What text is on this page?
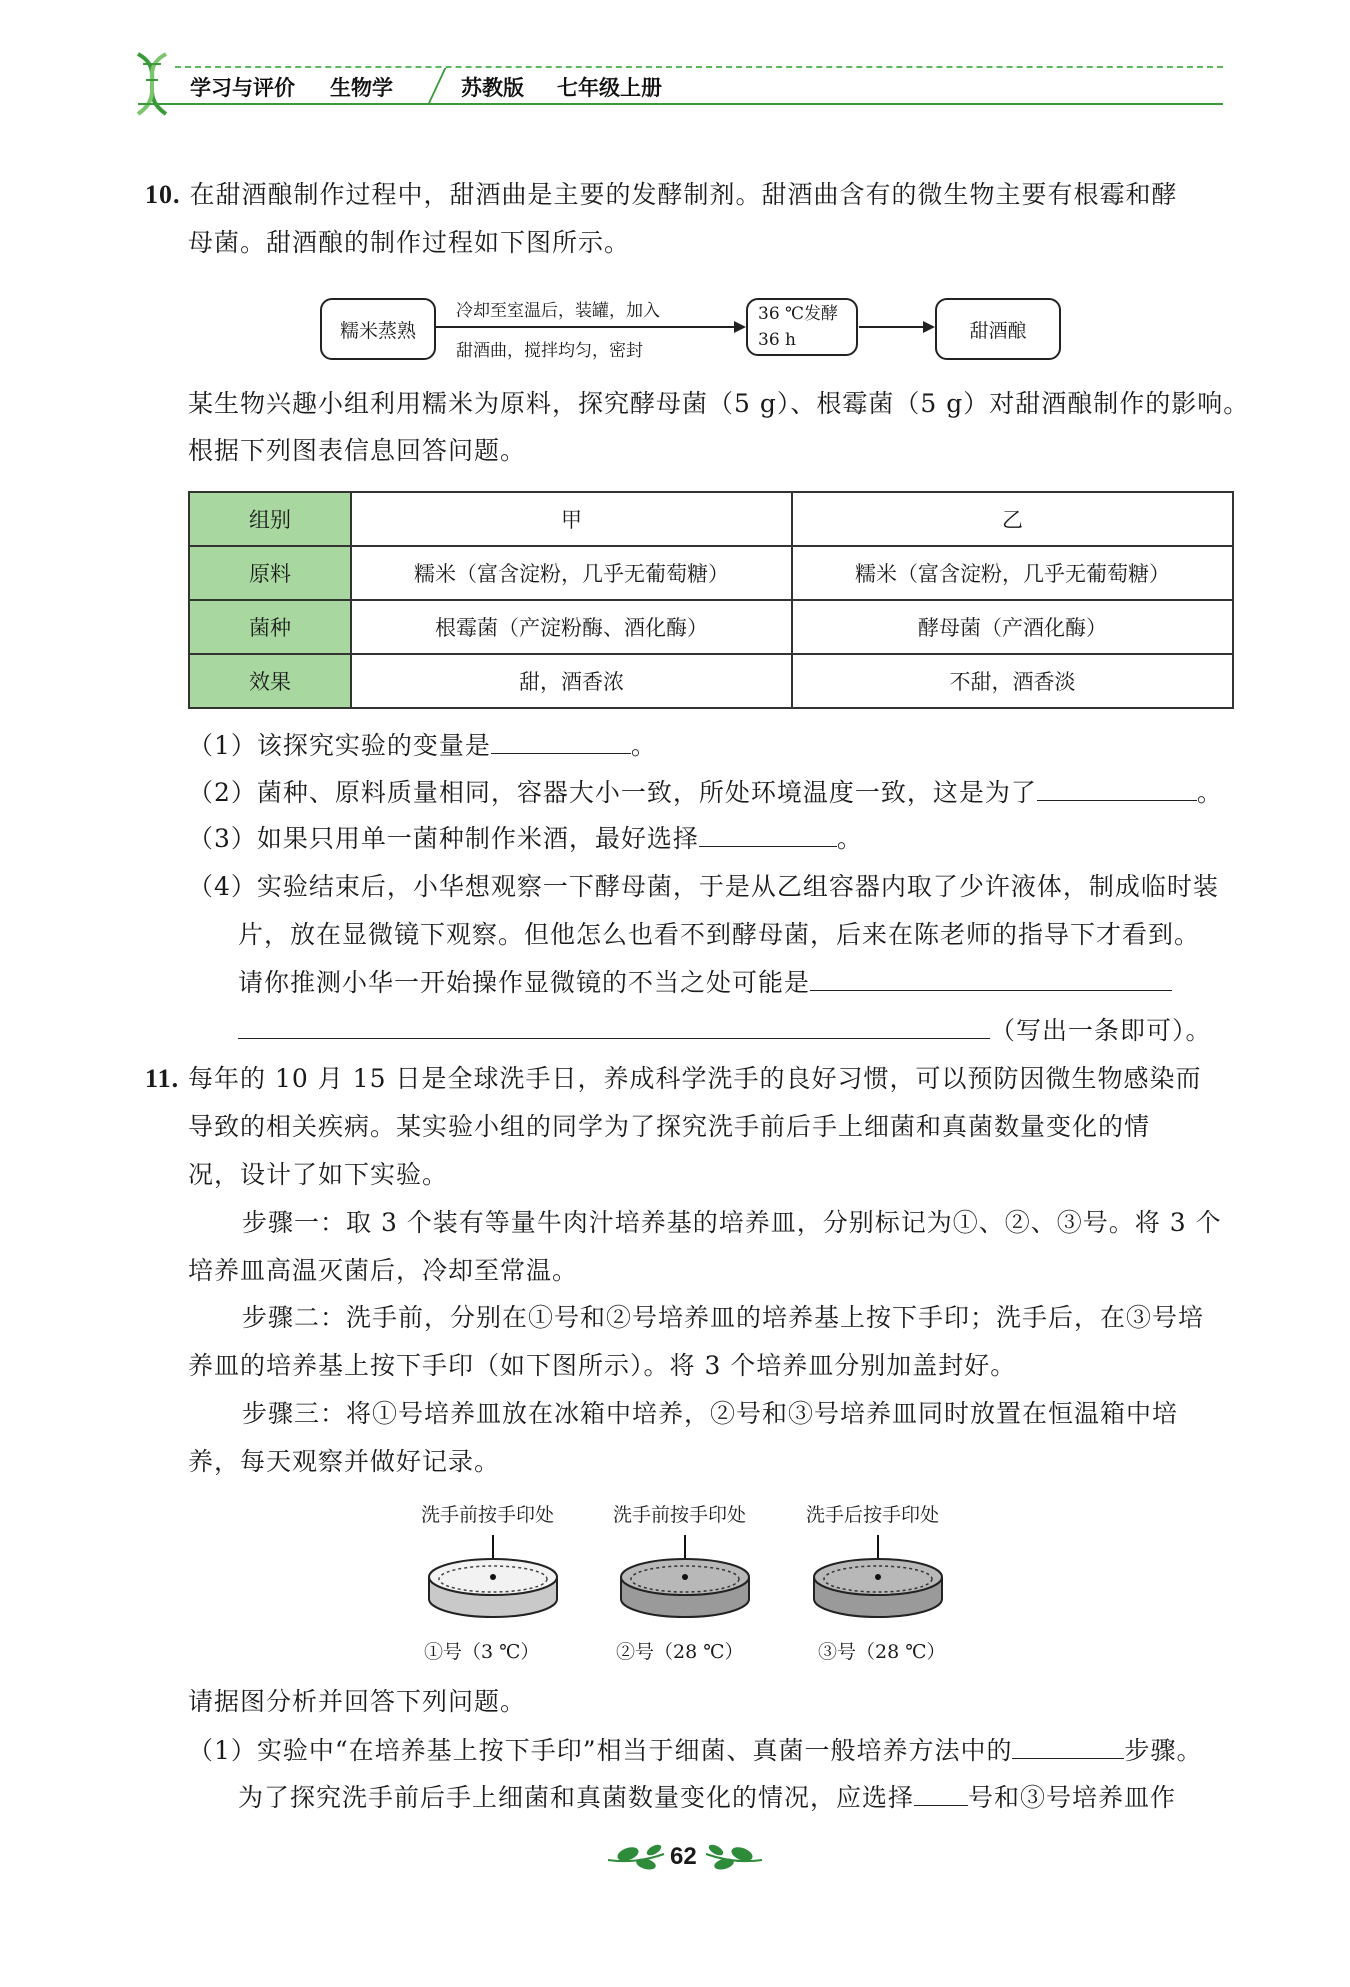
学习与评价 生物学	苏教版 七年级上册
10. 在甜酒酿制作过程中，甜酒曲是主要的发酵制剂。甜酒曲含有的微生物主要有根霉和酵
母菌。甜酒酿的制作过程如下图所示。
糯米蒸熟
冷却至室温后，装罐，加入
甜酒曲，搅拌均匀，密封
36 ℃发酵
36 h	甜酒酿
某生物兴趣小组利用糯米为原料，探究酵母菌（5 g）、根霉菌（5 g）对甜酒酿制作的影响。
根据下列图表信息回答问题。
组别	甲	乙
原料	糯米（富含淀粉，几乎无葡萄糖）	糯米（富含淀粉，几乎无葡萄糖）
菌种	根霉菌（产淀粉酶、酒化酶）	酵母菌（产酒化酶）
效果	甜，酒香浓	不甜，酒香淡
（1）该探究实验的变量是	。
（2）菌种、原料质量相同，容器大小一致，所处环境温度一致，这是为了	。
（3）如果只用单一菌种制作米酒，最好选择	。
（4）实验结束后，小华想观察一下酵母菌，于是从乙组容器内取了少许液体，制成临时装
片，放在显微镜下观察。但他怎么也看不到酵母菌，后来在陈老师的指导下才看到。
请你推测小华一开始操作显微镜的不当之处可能是
（写出一条即可）。
11. 每年的 10 月 15 日是全球洗手日，养成科学洗手的良好习惯，可以预防因微生物感染而
导致的相关疾病。某实验小组的同学为了探究洗手前后手上细菌和真菌数量变化的情
况，设计了如下实验。
步骤一：取 3 个装有等量牛肉汁培养基的培养皿，分别标记为①、②、③号。将 3 个
培养皿高温灭菌后，冷却至常温。
步骤二：洗手前，分别在①号和②号培养皿的培养基上按下手印；洗手后，在③号培
养皿的培养基上按下手印（如下图所示）。将 3 个培养皿分别加盖封好。
步骤三：将①号培养皿放在冰箱中培养，②号和③号培养皿同时放置在恒温箱中培
养，每天观察并做好记录。
洗手前按手印处
①号（3 ℃）
洗手前按手印处
②号（28 ℃）
洗手后按手印处
③号（28 ℃）
请据图分析并回答下列问题。
（1）实验中“在培养基上按下手印”相当于细菌、真菌一般培养方法中的	步骤。
为了探究洗手前后手上细菌和真菌数量变化的情况，应选择 号和③号培养皿作
62
